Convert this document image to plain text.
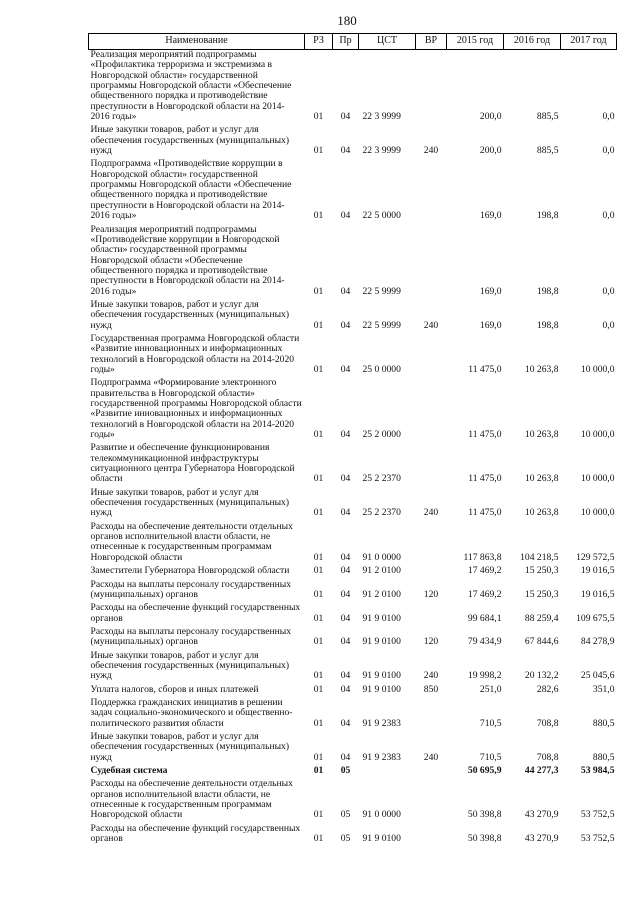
180
Наименование	РЗ	Пр	ЦСТ	ВР	2015 год	2016 год	2017 год
Реализация мероприятий подпрограммы «Профилактика терроризма и экстремизма в Новгородской области» государственной программы Новгородской области «Обеспечение общественного порядка и противодействие преступности в Новгородской области на 2014-2016 годы»	01	04	22 3 9999		200,0	885,5	0,0
Иные закупки товаров, работ и услуг для обеспечения государственных (муниципальных) нужд	01	04	22 3 9999	240	200,0	885,5	0,0
Подпрограмма «Противодействие коррупции в Новгородской области» государственной программы Новгородской области «Обеспечение общественного порядка и противодействие преступности в Новгородской области на 2014-2016 годы»	01	04	22 5 0000		169,0	198,8	0,0
Реализация мероприятий подпрограммы «Противодействие коррупции в Новгородской области» государственной программы Новгородской области «Обеспечение общественного порядка и противодействие преступности в Новгородской области на 2014-2016 годы»	01	04	22 5 9999		169,0	198,8	0,0
Иные закупки товаров, работ и услуг для обеспечения государственных (муниципальных) нужд	01	04	22 5 9999	240	169,0	198,8	0,0
Государственная программа Новгородской области «Развитие инновационных и информационных технологий в Новгородской области на 2014-2020 годы»	01	04	25 0 0000		11 475,0	10 263,8	10 000,0
Подпрограмма «Формирование электронного правительства в Новгородской области» государственной программы Новгородской области «Развитие инновационных и информационных технологий в Новгородской области на 2014-2020 годы»	01	04	25 2 0000		11 475,0	10 263,8	10 000,0
Развитие и обеспечение функционирования телекоммуникационной инфраструктуры ситуационного центра Губернатора Новгородской области	01	04	25 2 2370		11 475,0	10 263,8	10 000,0
Иные закупки товаров, работ и услуг для обеспечения государственных (муниципальных) нужд	01	04	25 2 2370	240	11 475,0	10 263,8	10 000,0
Расходы на обеспечение деятельности отдельных органов исполнительной власти области, не отнесенные к государственным программам Новгородской области	01	04	91 0 0000		117 863,8	104 218,5	129 572,5
Заместители Губернатора Новгородской области	01	04	91 2 0100		17 469,2	15 250,3	19 016,5
Расходы на выплаты персоналу государственных (муниципальных) органов	01	04	91 2 0100	120	17 469,2	15 250,3	19 016,5
Расходы на обеспечение функций государственных органов	01	04	91 9 0100		99 684,1	88 259,4	109 675,5
Расходы на выплаты персоналу государственных (муниципальных) органов	01	04	91 9 0100	120	79 434,9	67 844,6	84 278,9
Иные закупки товаров, работ и услуг для обеспечения государственных (муниципальных) нужд	01	04	91 9 0100	240	19 998,2	20 132,2	25 045,6
Уплата налогов, сборов и иных платежей	01	04	91 9 0100	850	251,0	282,6	351,0
Поддержка гражданских инициатив в решении задач социально-экономического и общественно-политического развития области	01	04	91 9 2383		710,5	708,8	880,5
Иные закупки товаров, работ и услуг для обеспечения государственных (муниципальных) нужд	01	04	91 9 2383	240	710,5	708,8	880,5
Судебная система	01	05			50 695,9	44 277,3	53 984,5
Расходы на обеспечение деятельности отдельных органов исполнительной власти области, не отнесенные к государственным программам Новгородской области	01	05	91 0 0000		50 398,8	43 270,9	53 752,5
Расходы на обеспечение функций государственных органов	01	05	91 9 0100		50 398,8	43 270,9	53 752,5
